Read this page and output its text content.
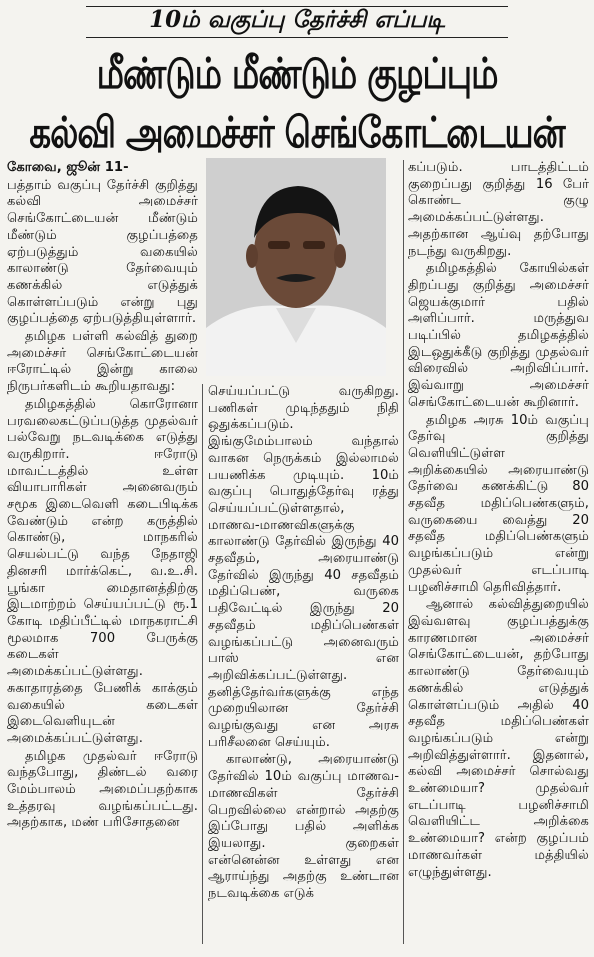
10ம் வகுப்பு தேர்ச்சி எப்படி
மீண்டும் மீண்டும் குழப்பும்
கல்வி அமைச்சர் செங்கோட்டையன்

கோவை, ஜூன் 11-

பத்தாம் வகுப்பு தேர்ச்சி குறித்து கல்வி அமைச்சர் செங்கோட்டையன் மீண்டும் மீண்டும் குழப்பத்தை ஏற்படுத்தும் வகையில் காலாண்டு தேர்வையும் கணக்கில் எடுத்துக் கொள்ளப்படும் என்று புது குழப்பத்தை ஏற்படுத்தியுள்ளார்.

தமிழக பள்ளி கல்வித் துறை அமைச்சர் செங்கோட்டையன் ஈரோட்டில் இன்று காலை நிருபர்களிடம் கூறியதாவது:

தமிழகத்தில் கொரோனா பரவலைகட்டுப்படுத்த முதல்வர் பல்வேறு நடவடிக்கை எடுத்து வருகிறார். ஈரோடு மாவட்டத்தில் உள்ள வியாபாரிகள் அனைவரும் சமூக இடைவெளி கடைபிடிக்க வேண்டும் என்ற கருத்தில் கொண்டு, மாநகரில் செயல்பட்டு வந்த நேதாஜி தினசரி மார்க்கெட், வ.உ.சி. பூங்கா மைதானத்திற்கு இடமாற்றம் செய்யப்பட்டு ரூ.1 கோடி மதிப்பீட்டில் மாநகராட்சி மூலமாக 700 பேருக்கு கடைகள் அமைக்கப்பட்டுள்ளது. சுகாதாரத்தை பேணிக் காக்கும் வகையில் கடைகள் இடைவெளியுடன் அமைக்கப்பட்டுள்ளது.

தமிழக முதல்வர் ஈரோடு வந்தபோது, திண்டல் வரை மேம்பாலம் அமைப்பதற்காக உத்தரவு வழங்கப்பட்டது. அதற்காக, மண் பரிசோதனை

செய்யப்பட்டு வருகிறது. பணிகள் முடிந்ததும் நிதி ஒதுக்கப்படும். இங்குமேம்பாலம் வந்தால் வாகன நெருக்கம் இல்லாமல் பயணிக்க முடியும். 10ம் வகுப்பு பொதுத்தேர்வு ரத்து செய்யப்பட்டுள்ளதால், மாணவ-மாணவிகளுக்கு காலாண்டு தேர்வில் இருந்து 40 சதவீதம், அரையாண்டு தேர்வில் இருந்து 40 சதவீதம் மதிப்பெண், வருகை பதிவேட்டில் இருந்து 20 சதவீதம் மதிப்பெண்கள் வழங்கப்பட்டு அனைவரும் பாஸ் என அறிவிக்கப்பட்டுள்ளது. தனித்தேர்வர்களுக்கு எந்த முறையிலான தேர்ச்சி வழங்குவது என அரசு பரிசீலனை செய்யும்.

காலாண்டு, அரையாண்டு தேர்வில் 10ம் வகுப்பு மாணவ-மாணவிகள் தேர்ச்சி பெறவில்லை என்றால் அதற்கு இப்போது பதில் அளிக்க இயலாது. குறைகள் என்னென்ன உள்ளது என ஆராய்ந்து அதற்கு உண்டான நடவடிக்கை எடுக்

கப்படும். பாடத்திட்டம் குறைப்பது குறித்து 16 பேர் கொண்ட குழு அமைக்கப்பட்டுள்ளது. அதற்கான ஆய்வு தற்போது நடந்து வருகிறது.

தமிழகத்தில் கோயில்கள் திறப்பது குறித்து அமைச்சர் ஜெயக்குமார் பதில் அளிப்பார். மருத்துவ படிப்பில் தமிழகத்தில் இடஒதுக்கீடு குறித்து முதல்வர் விரைவில் அறிவிப்பார். இவ்வாறு அமைச்சர் செங்கோட்டையன் கூறினார்.

தமிழக அரசு 10ம் வகுப்பு தேர்வு குறித்து வெளியிட்டுள்ள அறிக்கையில் அரையாண்டு தேர்வை கணக்கிட்டு 80 சதவீத மதிப்பெண்களும், வருகையை வைத்து 20 சதவீத மதிப்பெண்களும் வழங்கப்படும் என்று முதல்வர் எடப்பாடி பழனிச்சாமி தெரிவித்தார்.

ஆனால் கல்வித்துறையில் இவ்வளவு குழப்பத்துக்கு காரணமான அமைச்சர் செங்கோட்டையன், தற்போது காலாண்டு தேர்வையும் கணக்கில் எடுத்துக் கொள்ளப்படும் அதில் 40 சதவீத மதிப்பெண்கள் வழங்கப்படும் என்று அறிவித்துள்ளார். இதனால், கல்வி அமைச்சர் சொல்வது உண்மையா? முதல்வர் எடப்பாடி பழனிச்சாமி வெளியிட்ட அறிக்கை உண்மையா? என்ற குழப்பம் மாணவர்கள் மத்தியில் எழுந்துள்ளது.
